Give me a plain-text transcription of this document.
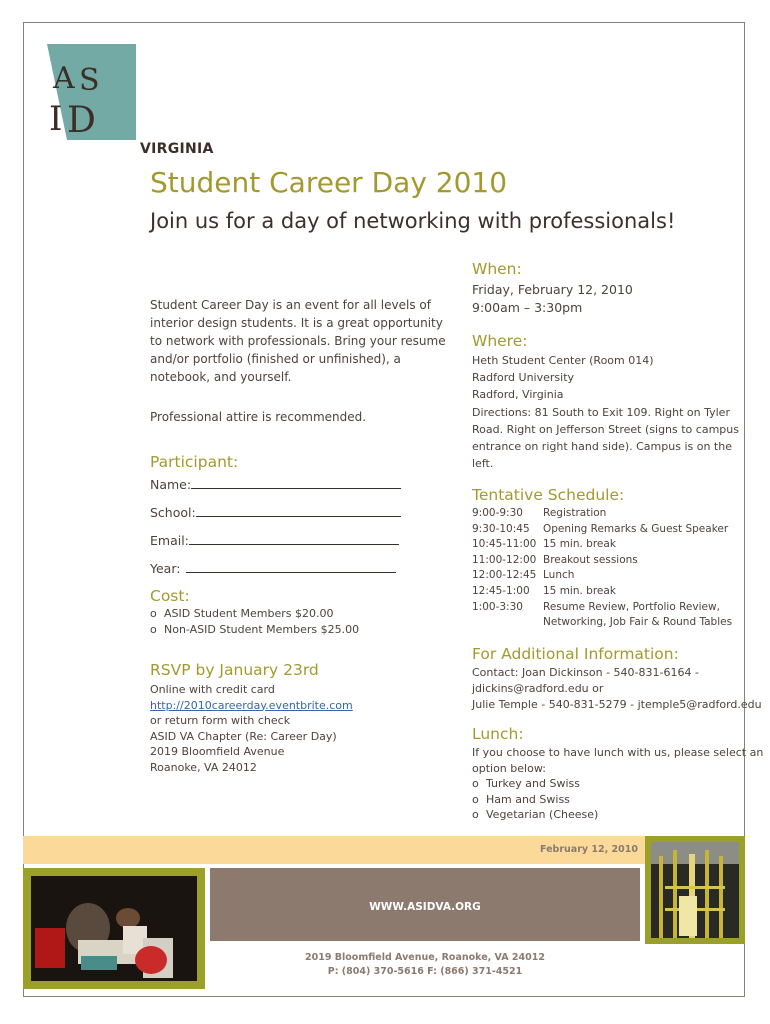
A S
I D
VIRGINIA
Student Career Day 2010
Join us for a day of networking with professionals!
Student Career Day is an event for all levels of
interior design students. It is a great opportunity
to network with professionals. Bring your resume
and/or portfolio (finished or unfinished), a
notebook, and yourself.
Professional attire is recommended.
Participant:
Name:
School:
Email:
Year:
Cost:
o ASID Student Members $20.00
o Non-ASID Student Members $25.00
RSVP by January 23rd
Online with credit card
http://2010careerday.eventbrite.com
or return form with check
ASID VA Chapter (Re: Career Day)
2019 Bloomfield Avenue
Roanoke, VA 24012
When:
Friday, February 12, 2010
9:00am – 3:30pm
Where:
Heth Student Center (Room 014)
Radford University
Radford, Virginia
Directions: 81 South to Exit 109. Right on Tyler
Road. Right on Jefferson Street (signs to campus
entrance on right hand side). Campus is on the
left.
Tentative Schedule:
9:00-9:30 Registration
9:30-10:45 Opening Remarks & Guest Speaker
10:45-11:00 15 min. break
11:00-12:00 Breakout sessions
12:00-12:45 Lunch
12:45-1:00 15 min. break
1:00-3:30 Resume Review, Portfolio Review,
Networking, Job Fair & Round Tables
For Additional Information:
Contact: Joan Dickinson - 540-831-6164 -
jdickins@radford.edu or
Julie Temple - 540-831-5279 - jtemple5@radford.edu
Lunch:
If you choose to have lunch with us, please select an
option below:
o Turkey and Swiss
o Ham and Swiss
o Vegetarian (Cheese)
February 12, 2010
WWW.ASIDVA.ORG
2019 Bloomfield Avenue, Roanoke, VA 24012
P: (804) 370-5616 F: (866) 371-4521
